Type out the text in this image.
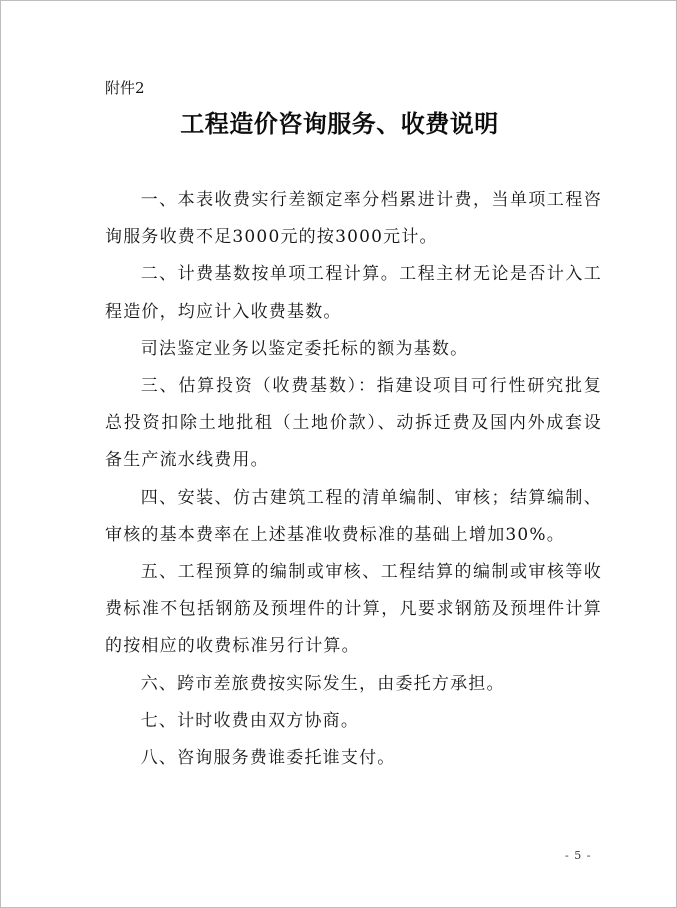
附件2
工程造价咨询服务、收费说明

一、本表收费实行差额定率分档累进计费，当单项工程咨询服务收费不足3000元的按3000元计。

二、计费基数按单项工程计算。工程主材无论是否计入工程造价，均应计入收费基数。

司法鉴定业务以鉴定委托标的额为基数。

三、估算投资（收费基数）：指建设项目可行性研究批复总投资扣除土地批租（土地价款）、动拆迁费及国内外成套设备生产流水线费用。

四、安装、仿古建筑工程的清单编制、审核；结算编制、审核的基本费率在上述基准收费标准的基础上增加30%。

五、工程预算的编制或审核、工程结算的编制或审核等收费标准不包括钢筋及预埋件的计算，凡要求钢筋及预埋件计算的按相应的收费标准另行计算。

六、跨市差旅费按实际发生，由委托方承担。

七、计时收费由双方协商。

八、咨询服务费谁委托谁支付。

- 5 -
